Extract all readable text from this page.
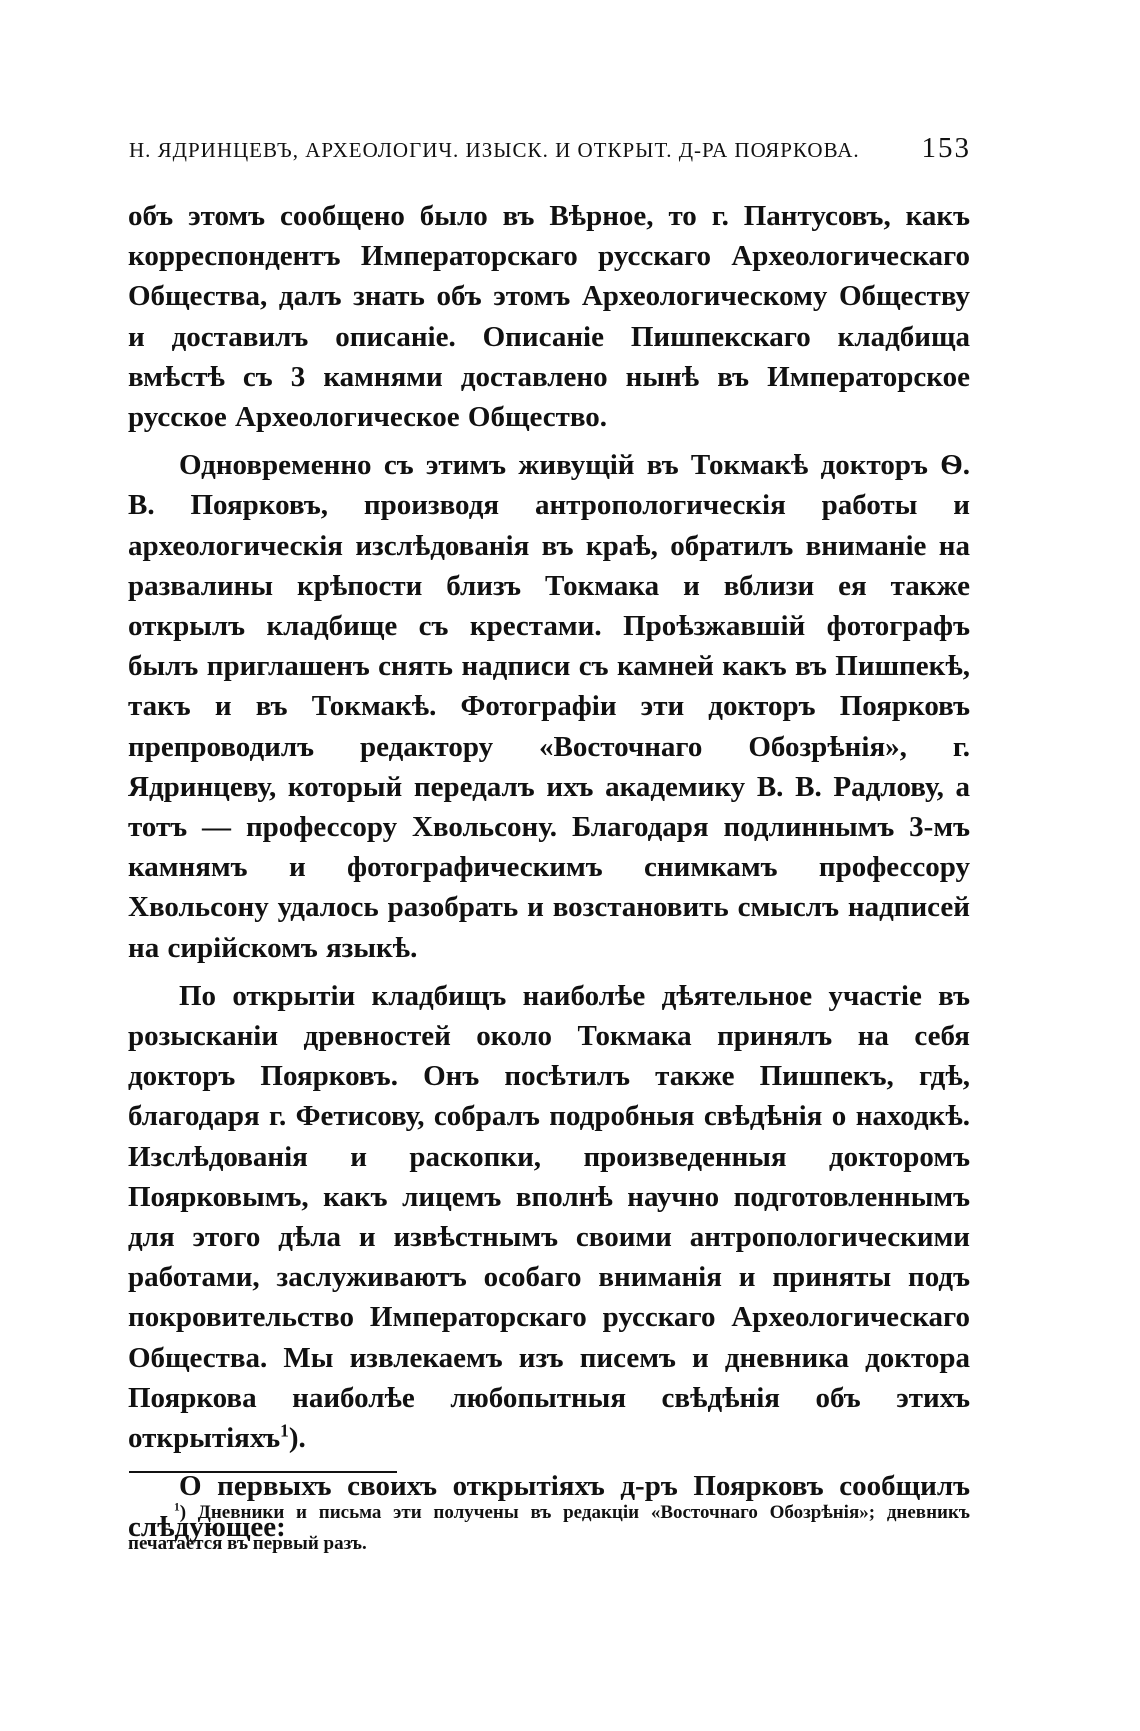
Н. ЯДРИНЦЕВЪ, АРХЕОЛОГИЧ. ИЗЫСК. И ОТКРЫТ. Д-РА ПОЯРКОВА. 153

объ этомъ сообщено было въ Вѣрное, то г. Пантусовъ, какъ корреспондентъ Императорскаго русскаго Археологическаго Общества, далъ знать объ этомъ Археологическому Обществу и доставилъ описаніе. Описаніе Пишпекскаго кладбища вмѣстѣ съ 3 камнями доставлено нынѣ въ Императорское русское Археологическое Общество.

Одновременно съ этимъ живущій въ Токмакѣ докторъ Ѳ. В. Поярковъ, производя антропологическія работы и археологическія изслѣдованія въ краѣ, обратилъ вниманіе на развалины крѣпости близъ Токмака и вблизи ея также открылъ кладбище съ крестами. Проѣзжавшій фотографъ былъ приглашенъ снять надписи съ камней какъ въ Пишпекѣ, такъ и въ Токмакѣ. Фотографіи эти докторъ Поярковъ препроводилъ редактору «Восточнаго Обозрѣнія», г. Ядринцеву, который передалъ ихъ академику В. В. Радлову, а тотъ — профессору Хвольсону. Благодаря подлиннымъ 3-мъ камнямъ и фотографическимъ снимкамъ профессору Хвольсону удалось разобрать и возстановить смыслъ надписей на сирійскомъ языкѣ.

По открытіи кладбищъ наиболѣе дѣятельное участіе въ розысканіи древностей около Токмака принялъ на себя докторъ Поярковъ. Онъ посѣтилъ также Пишпекъ, гдѣ, благодаря г. Фетисову, собралъ подробныя свѣдѣнія о находкѣ. Изслѣдованія и раскопки, произведенныя докторомъ Поярковымъ, какъ лицемъ вполнѣ научно подготовленнымъ для этого дѣла и извѣстнымъ своими антропологическими работами, заслуживаютъ особаго вниманія и приняты подъ покровительство Императорскаго русскаго Археологическаго Общества. Мы извлекаемъ изъ писемъ и дневника доктора Пояркова наиболѣе любопытныя свѣдѣнія объ этихъ открытіяхъ$^1$).

О первыхъ своихъ открытіяхъ д-ръ Поярковъ сообщилъ слѣдующее:

$^1$) Дневники и письма эти получены въ редакціи «Восточнаго Обозрѣнія»; дневникъ печатается въ первый разъ.
